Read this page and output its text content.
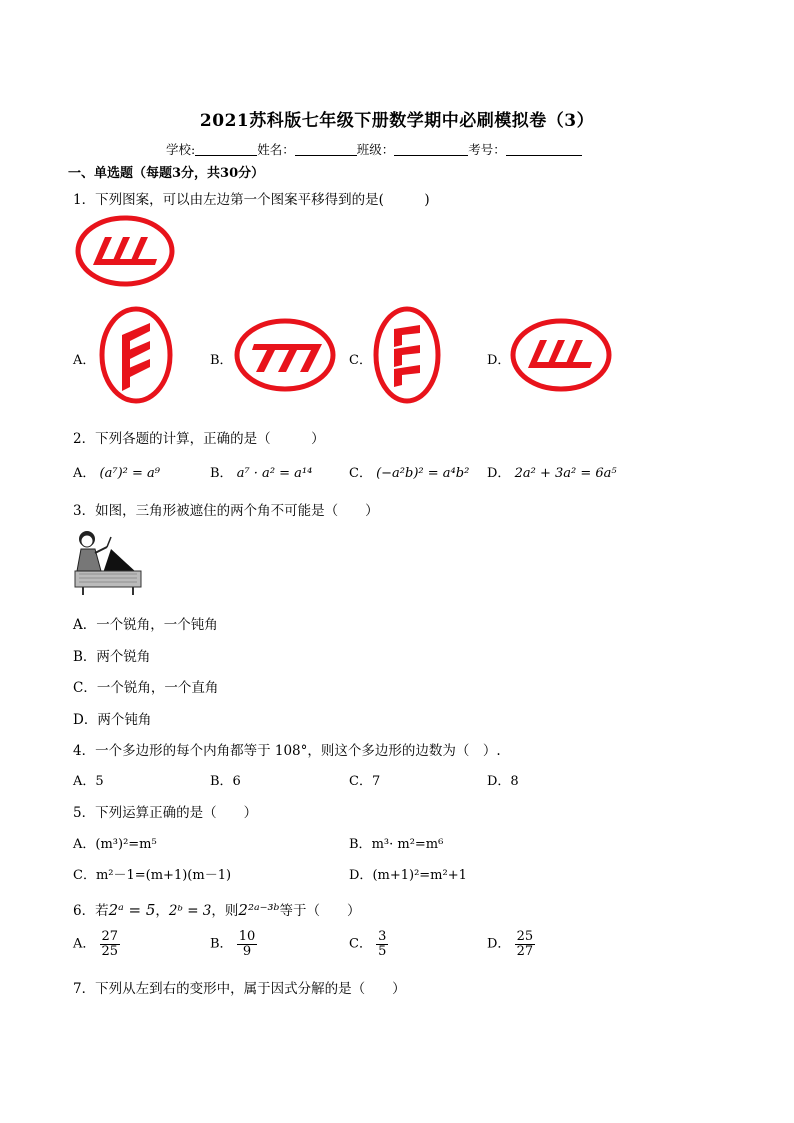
2021苏科版七年级下册数学期中必刷模拟卷（3）
学校:	姓名：	班级：	考号：
一、单选题（每题3分，共30分）
1．下列图案，可以由左边第一个图案平移得到的是(　　　)
A．	B．	C．	D．
2．下列各题的计算，正确的是（　　　）
A． (a⁷)² = a⁹	B． a⁷ · a² = a¹⁴	C． (−a²b)² = a⁴b² D． 2a² + 3a² = 6a⁵
3．如图，三角形被遮住的两个角不可能是（　　）
A．一个锐角，一个钝角
B．两个锐角
C．一个锐角，一个直角
D．两个钝角
4．一个多边形的每个内角都等于 108°，则这个多边形的边数为（　）.
A．5	B．6	C．7	D．8
5．下列运算正确的是（　　）
A．(m³)²=m⁵	B．m³· m²=m⁶
C．m²－1=(m+1)(m－1)	D．(m+1)²=m²+1
6．若2ᵃ = 5，2ᵇ = 3，则2²ᵃ⁻³ᵇ等于（　　）
A． $\frac{27}{25}$	B． $\frac{10}{9}$	C． $\frac{3}{5}$	D． $\frac{25}{27}$
7．下列从左到右的变形中，属于因式分解的是（　　）
